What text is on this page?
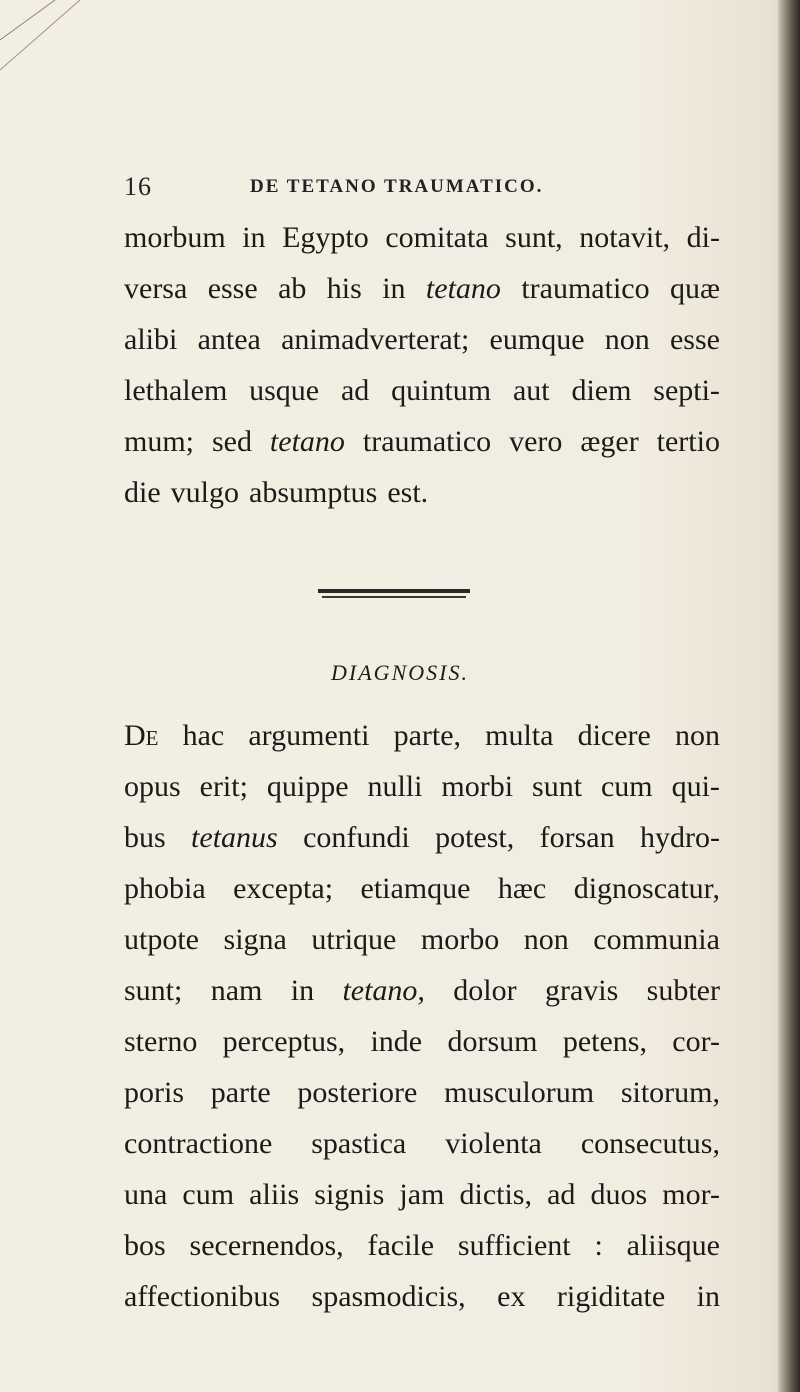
16	DE TETANO TRAUMATICO.
morbum in Egypto comitata sunt, notavit, di-
versa esse ab his in tetano traumatico quæ
alibi antea animadverterat; eumque non esse
lethalem usque ad quintum aut diem septi-
mum; sed tetano traumatico vero æger tertio
die vulgo absumptus est.
DIAGNOSIS.
De hac argumenti parte, multa dicere non
opus erit; quippe nulli morbi sunt cum qui-
bus tetanus confundi potest, forsan hydro-
phobia excepta; etiamque hæc dignoscatur,
utpote signa utrique morbo non communia
sunt; nam in tetano, dolor gravis subter
sterno perceptus, inde dorsum petens, cor-
poris parte posteriore musculorum sitorum,
contractione spastica violenta consecutus,
una cum aliis signis jam dictis, ad duos mor-
bos secernendos, facile sufficient : aliisque
affectionibus spasmodicis, ex rigiditate in
